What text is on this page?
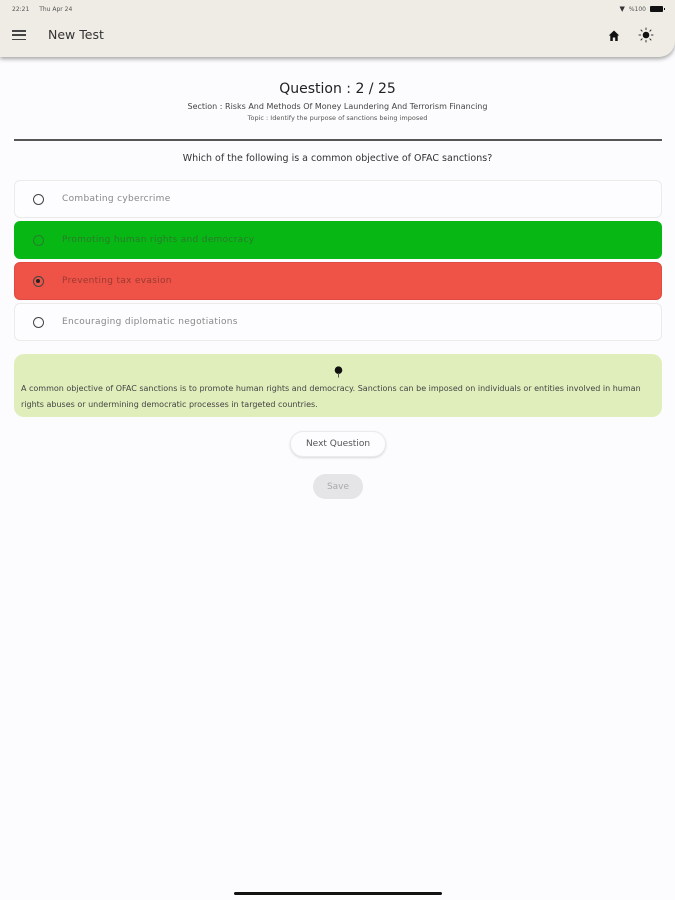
22:21 Thu Apr 24	▼ %100
New Test
Question : 2 / 25
Section : Risks And Methods Of Money Laundering And Terrorism Financing
Topic : Identify the purpose of sanctions being imposed
Which of the following is a common objective of OFAC sanctions?
Combating cybercrime
Promoting human rights and democracy
Preventing tax evasion
Encouraging diplomatic negotiations
A common objective of OFAC sanctions is to promote human rights and democracy. Sanctions can be imposed on individuals or entities involved in human rights abuses or undermining democratic processes in targeted countries.
Next Question
Save
